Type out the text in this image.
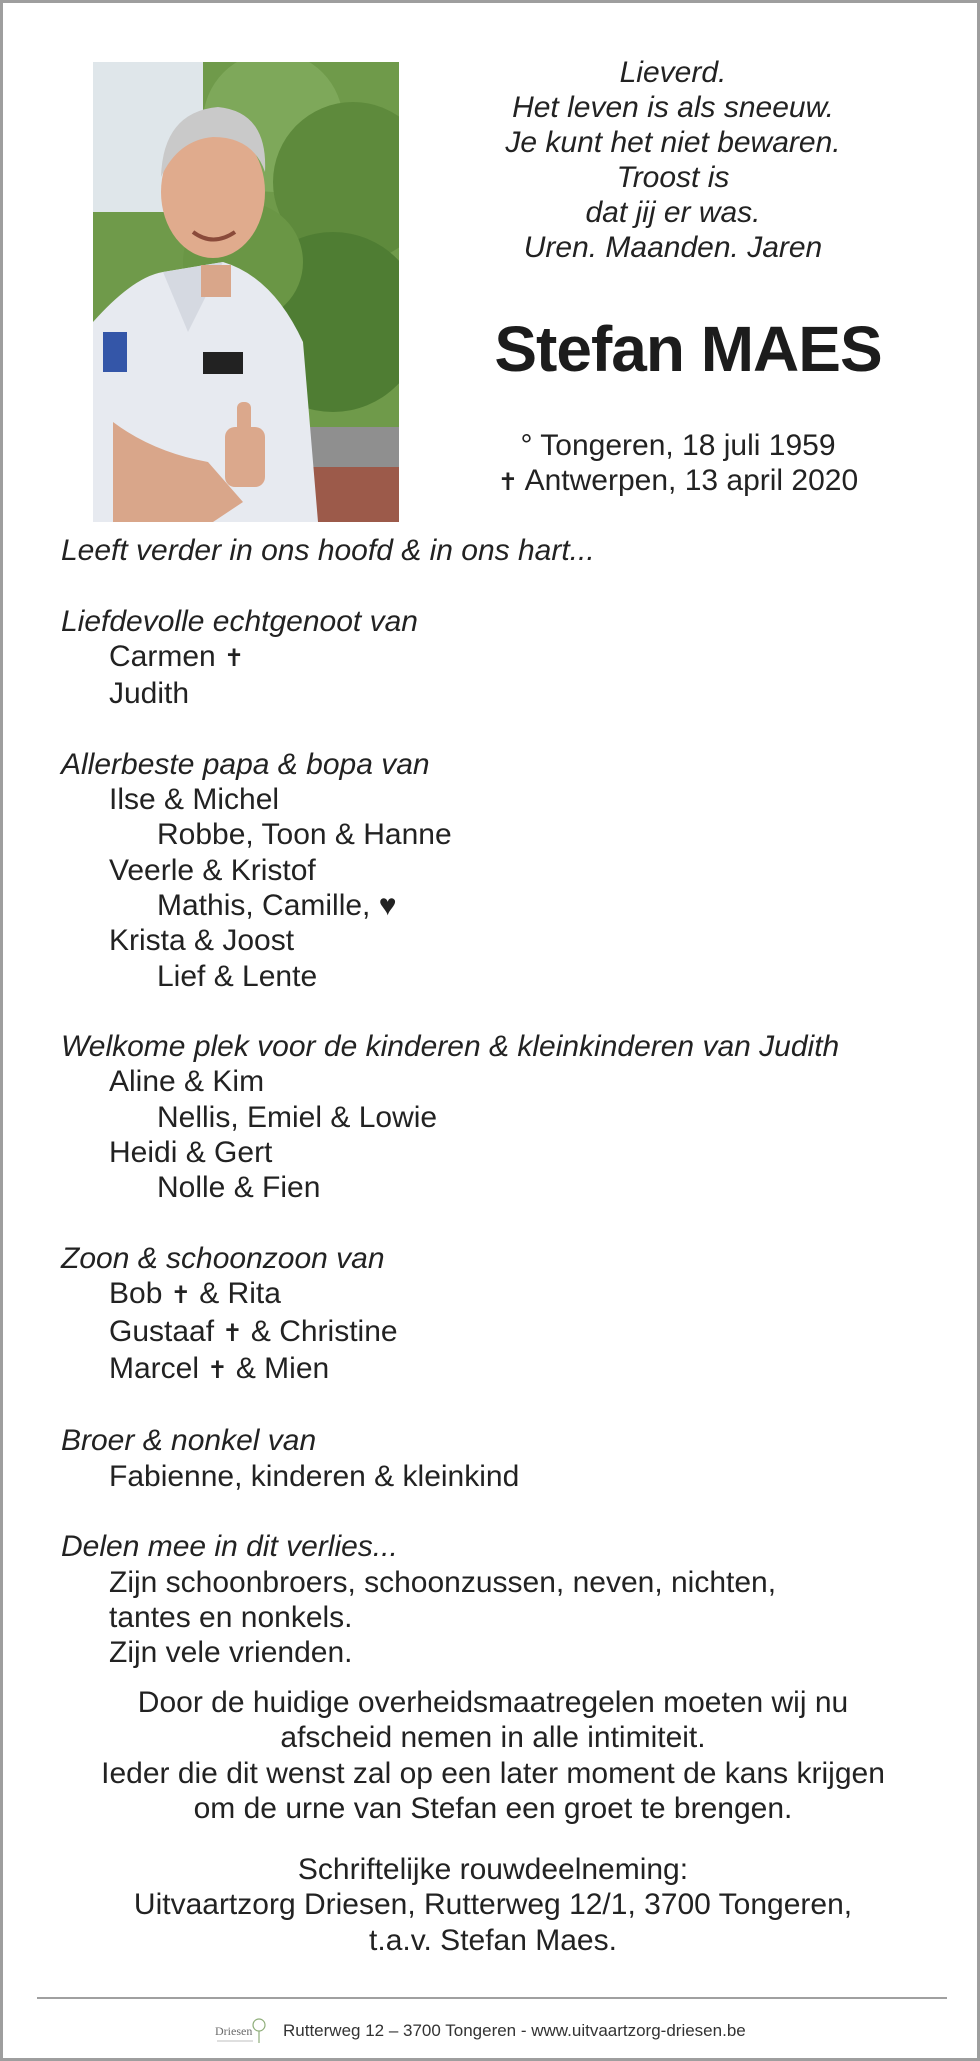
Lieverd.
Het leven is als sneeuw.
Je kunt het niet bewaren.
Troost is
dat jij er was.
Uren. Maanden. Jaren
Stefan MAES
° Tongeren, 18 juli 1959
✝ Antwerpen, 13 april 2020
Leeft verder in ons hoofd & in ons hart...
Liefdevolle echtgenoot van
Carmen ✝
Judith
Allerbeste papa & bopa van
Ilse & Michel
Robbe, Toon & Hanne
Veerle & Kristof
Mathis, Camille, ♥
Krista & Joost
Lief & Lente
Welkome plek voor de kinderen & kleinkinderen van Judith
Aline & Kim
Nellis, Emiel & Lowie
Heidi & Gert
Nolle & Fien
Zoon & schoonzoon van
Bob ✝ & Rita
Gustaaf ✝ & Christine
Marcel ✝ & Mien
Broer & nonkel van
Fabienne, kinderen & kleinkind
Delen mee in dit verlies...
Zijn schoonbroers, schoonzussen, neven, nichten,
tantes en nonkels.
Zijn vele vrienden.
Door de huidige overheidsmaatregelen moeten wij nu
afscheid nemen in alle intimiteit.
Ieder die dit wenst zal op een later moment de kans krijgen
om de urne van Stefan een groet te brengen.
Schriftelijke rouwdeelneming:
Uitvaartzorg Driesen, Rutterweg 12/1, 3700 Tongeren,
t.a.v. Stefan Maes.
Driesen Rutterweg 12 – 3700 Tongeren - www.uitvaartzorg-driesen.be
